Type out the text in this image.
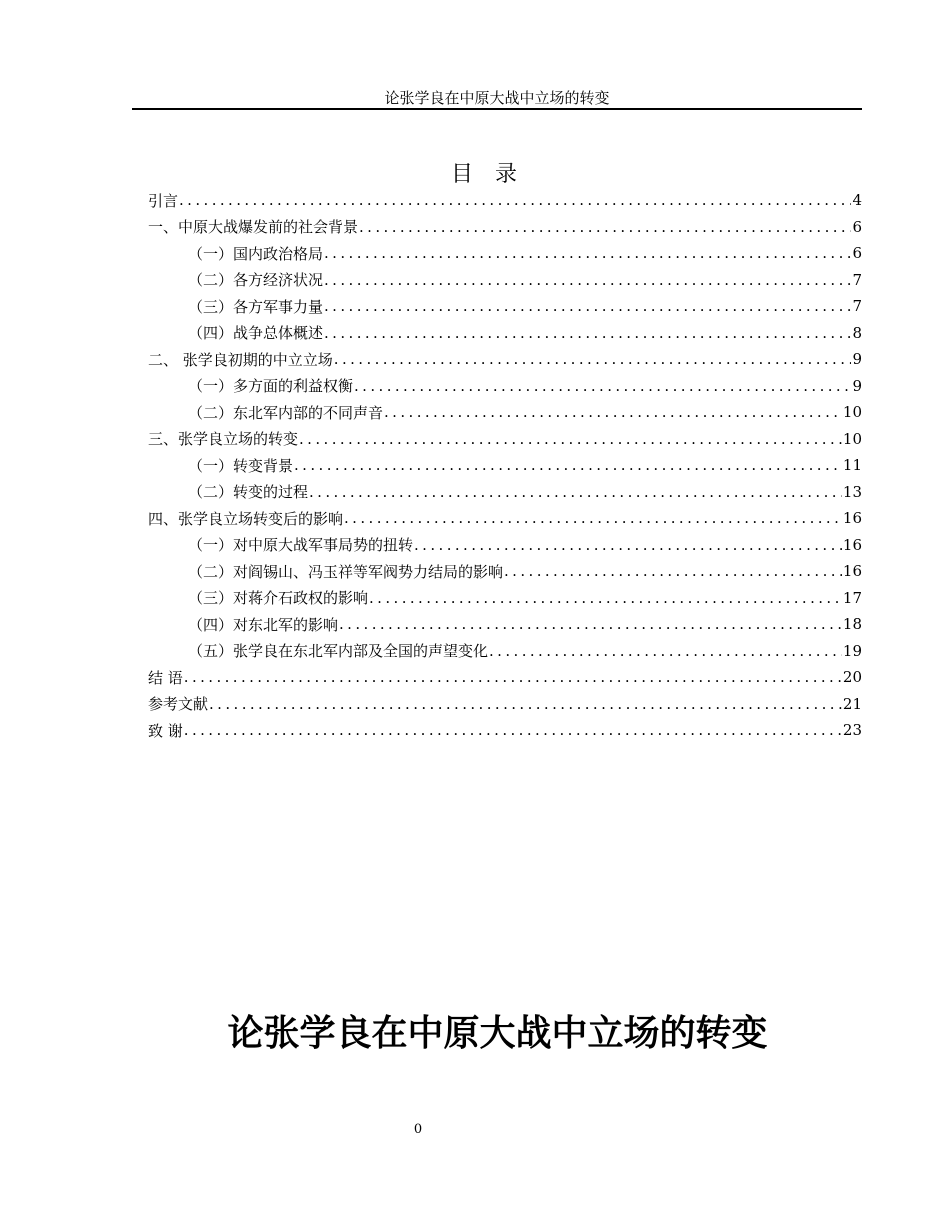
论张学良在中原大战中立场的转变
目录
引言 .....	4
一、中原大战爆发前的社会背景 .....	6
（一）国内政治格局 .....	6
（二）各方经济状况 .....	7
（三）各方军事力量 .....	7
（四）战争总体概述 .....	8
二、 张学良初期的中立立场 .....	9
（一）多方面的利益权衡 .....	9
（二）东北军内部的不同声音 .....	10
三、张学良立场的转变 .....	10
（一）转变背景 .....	11
（二）转变的过程 .....	13
四、张学良立场转变后的影响 .....	16
（一）对中原大战军事局势的扭转 .....	16
（二）对阎锡山、冯玉祥等军阀势力结局的影响 .....	16
（三）对蒋介石政权的影响 .....	17
（四）对东北军的影响 .....	18
（五）张学良在东北军内部及全国的声望变化 .....	19
结 语 .....	20
参考文献 .....	21
致 谢 .....	23
论张学良在中原大战中立场的转变
0
